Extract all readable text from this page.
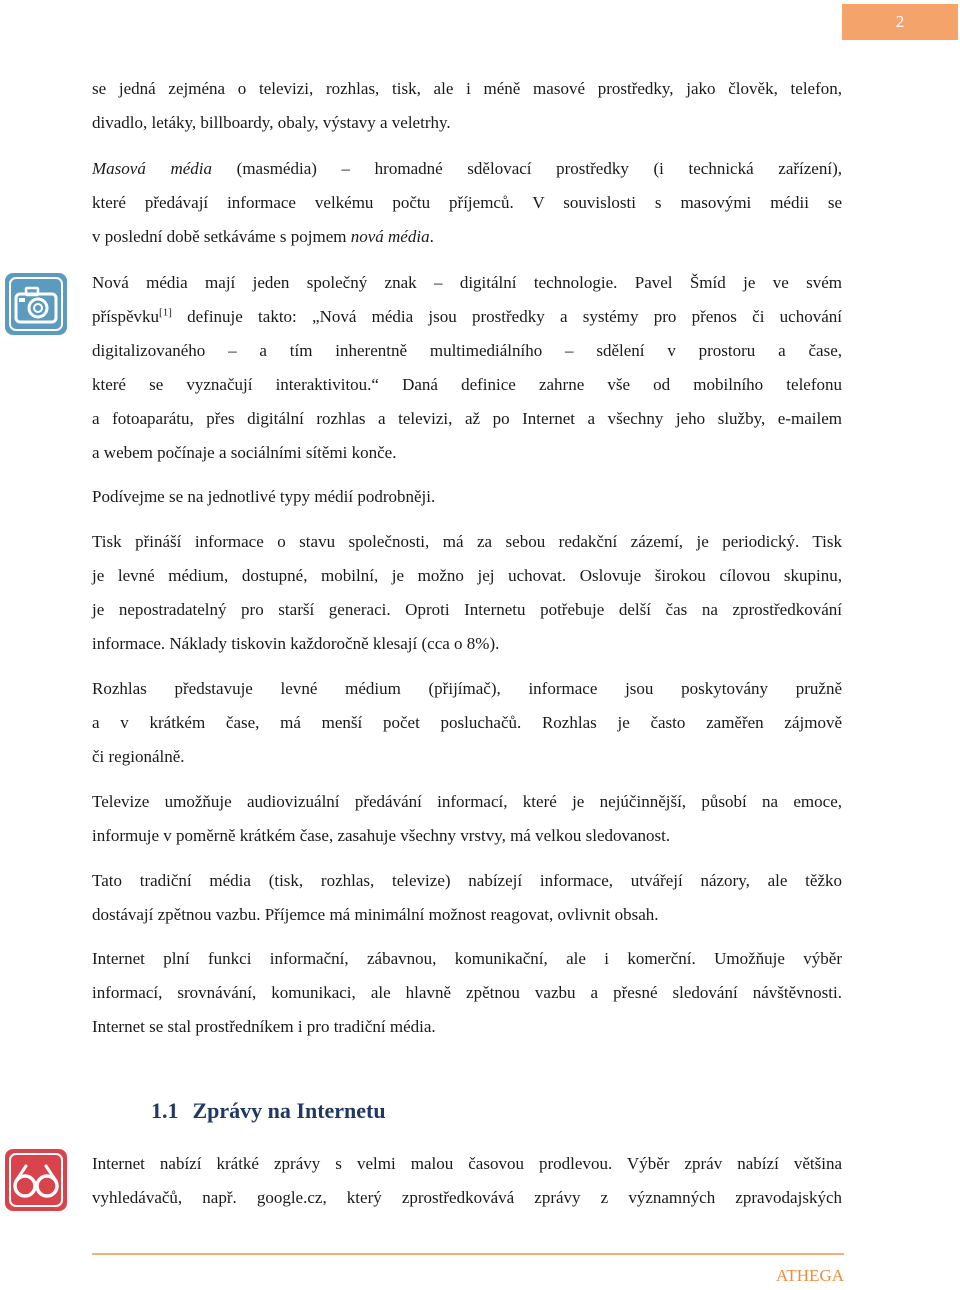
2
se jedná zejména o televizi, rozhlas, tisk, ale i méně masové prostředky, jako člověk, telefon,
divadlo, letáky, billboardy, obaly, výstavy a veletrhy.
Masová média (masmédia) – hromadné sdělovací prostředky (i technická zařízení),
které předávají informace velkému počtu příjemců. V souvislosti s masovými médii se
v poslední době setkáváme s pojmem nová média.
Nová média mají jeden společný znak – digitální technologie. Pavel Šmíd je ve svém
příspěvku[1] definuje takto: „Nová média jsou prostředky a systémy pro přenos či uchování
digitalizovaného – a tím inherentně multimediálního – sdělení v prostoru a čase,
které se vyznačují interaktivitou.“ Daná definice zahrne vše od mobilního telefonu
a fotoaparátu, přes digitální rozhlas a televizi, až po Internet a všechny jeho služby, e-mailem
a webem počínaje a sociálními sítěmi konče.
Podívejme se na jednotlivé typy médií podrobněji.
Tisk přináší informace o stavu společnosti, má za sebou redakční zázemí, je periodický. Tisk
je levné médium, dostupné, mobilní, je možno jej uchovat. Oslovuje širokou cílovou skupinu,
je nepostradatelný pro starší generaci. Oproti Internetu potřebuje delší čas na zprostředkování
informace. Náklady tiskovin každoročně klesají (cca o 8%).
Rozhlas představuje levné médium (přijímač), informace jsou poskytovány pružně
a v krátkém čase, má menší počet posluchačů. Rozhlas je často zaměřen zájmově
či regionálně.
Televize umožňuje audiovizuální předávání informací, které je nejúčinnější, působí na emoce,
informuje v poměrně krátkém čase, zasahuje všechny vrstvy, má velkou sledovanost.
Tato tradiční média (tisk, rozhlas, televize) nabízejí informace, utvářejí názory, ale těžko
dostávají zpětnou vazbu. Příjemce má minimální možnost reagovat, ovlivnit obsah.
Internet plní funkci informační, zábavnou, komunikační, ale i komerční. Umožňuje výběr
informací, srovnávání, komunikaci, ale hlavně zpětnou vazbu a přesné sledování návštěvnosti.
Internet se stal prostředníkem i pro tradiční média.
1.1 Zprávy na Internetu
Internet nabízí krátké zprávy s velmi malou časovou prodlevou. Výběr zpráv nabízí většina
vyhledávačů, např. google.cz, který zprostředkovává zprávy z významných zpravodajských
ATHEGA
